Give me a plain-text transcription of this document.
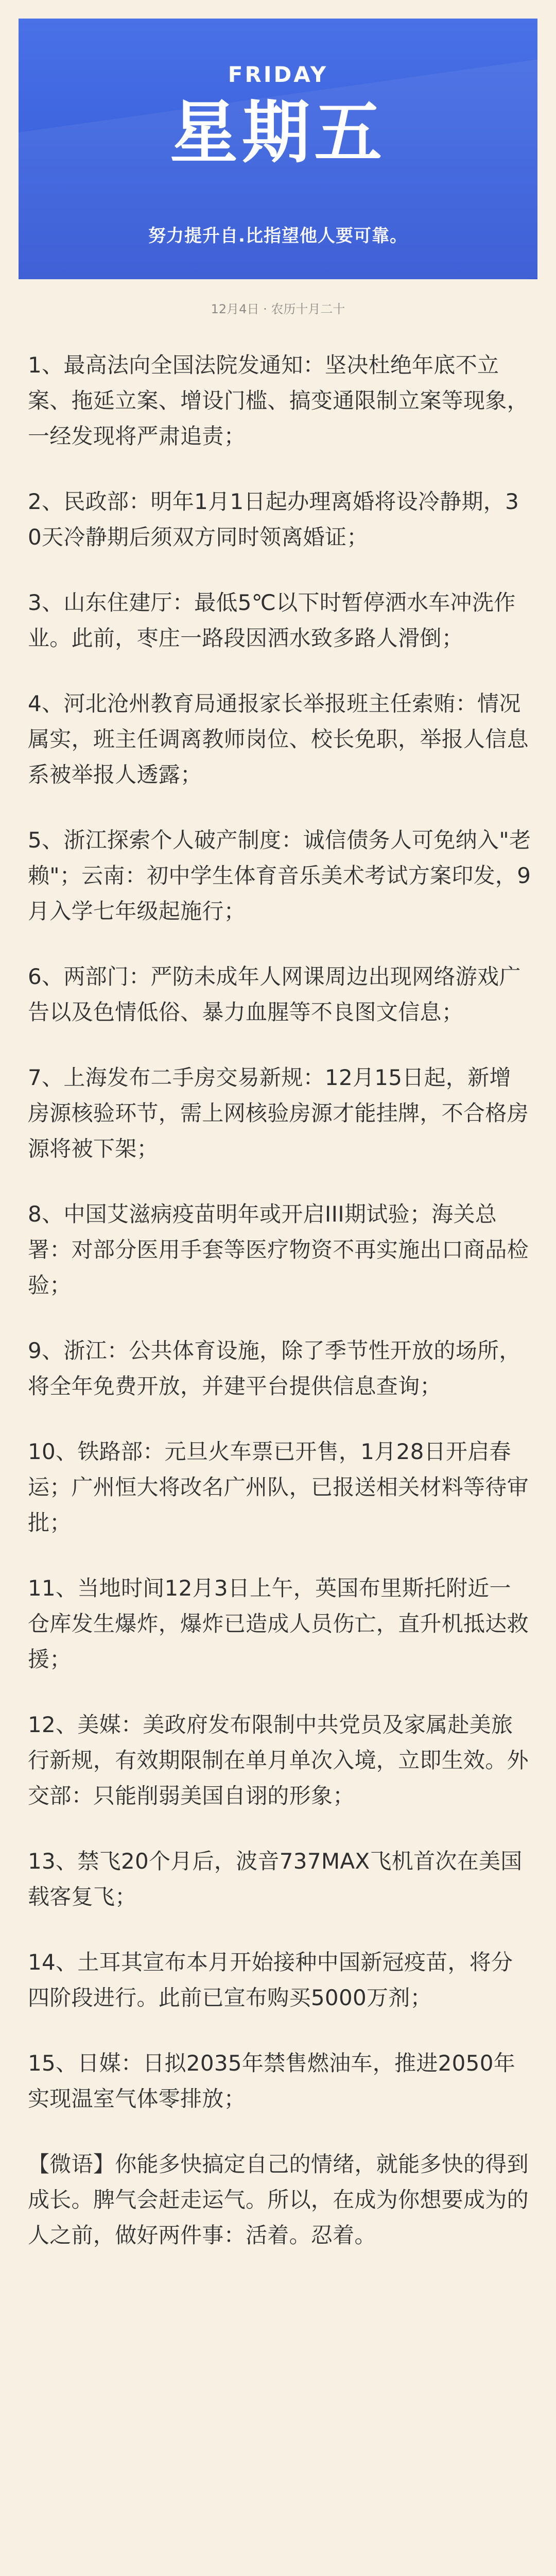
FRIDAY
星期五
努力提升自.比指望他人要可靠。
12月4日 · 农历十月二十
1、最高法向全国法院发通知：坚决杜绝年底不立案、拖延立案、增设门槛、搞变通限制立案等现象，一经发现将严肃追责；
2、民政部：明年1月1日起办理离婚将设冷静期，30天冷静期后须双方同时领离婚证；
3、山东住建厅：最低5℃以下时暂停洒水车冲洗作业。此前，枣庄一路段因洒水致多路人滑倒；
4、河北沧州教育局通报家长举报班主任索贿：情况属实，班主任调离教师岗位、校长免职，举报人信息系被举报人透露；
5、浙江探索个人破产制度：诚信债务人可免纳入"老赖"；云南：初中学生体育音乐美术考试方案印发，9月入学七年级起施行；
6、两部门：严防未成年人网课周边出现网络游戏广告以及色情低俗、暴力血腥等不良图文信息；
7、上海发布二手房交易新规：12月15日起，新增房源核验环节，需上网核验房源才能挂牌，不合格房源将被下架；
8、中国艾滋病疫苗明年或开启III期试验；海关总署：对部分医用手套等医疗物资不再实施出口商品检验；
9、浙江：公共体育设施，除了季节性开放的场所，将全年免费开放，并建平台提供信息查询；
10、铁路部：元旦火车票已开售，1月28日开启春运；广州恒大将改名广州队，已报送相关材料等待审批；
11、当地时间12月3日上午，英国布里斯托附近一仓库发生爆炸，爆炸已造成人员伤亡，直升机抵达救援；
12、美媒：美政府发布限制中共党员及家属赴美旅行新规，有效期限制在单月单次入境，立即生效。外交部：只能削弱美国自诩的形象；
13、禁飞20个月后，波音737MAX飞机首次在美国载客复飞；
14、土耳其宣布本月开始接种中国新冠疫苗，将分四阶段进行。此前已宣布购买5000万剂；
15、日媒：日拟2035年禁售燃油车，推进2050年实现温室气体零排放；
【微语】你能多快搞定自己的情绪，就能多快的得到成长。脾气会赶走运气。所以，在成为你想要成为的人之前，做好两件事：活着。忍着。
